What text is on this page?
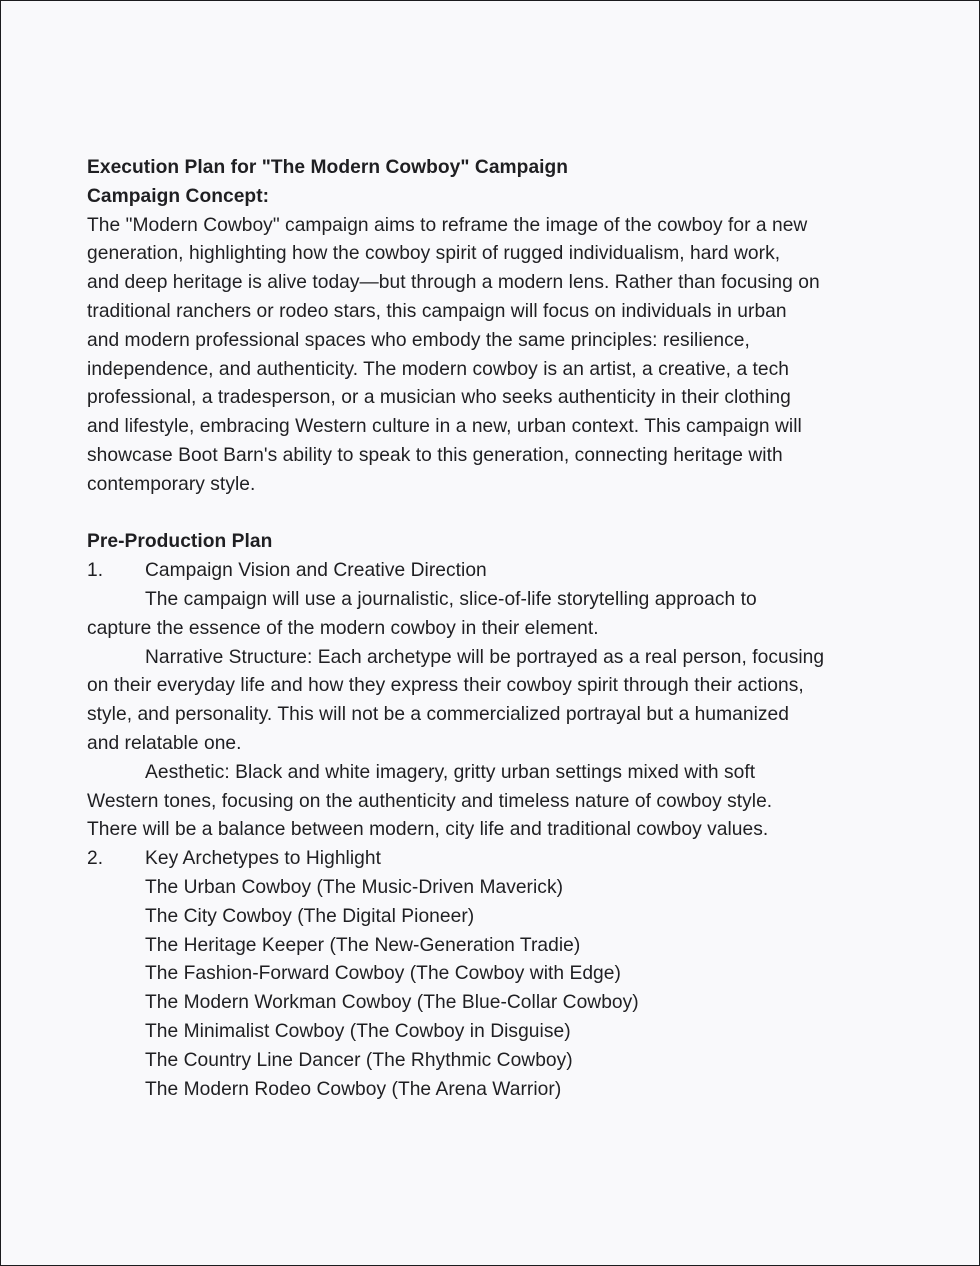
Execution Plan for "The Modern Cowboy" Campaign
Campaign Concept:
The "Modern Cowboy" campaign aims to reframe the image of the cowboy for a new
generation, highlighting how the cowboy spirit of rugged individualism, hard work,
and deep heritage is alive today—but through a modern lens. Rather than focusing on
traditional ranchers or rodeo stars, this campaign will focus on individuals in urban
and modern professional spaces who embody the same principles: resilience,
independence, and authenticity. The modern cowboy is an artist, a creative, a tech
professional, a tradesperson, or a musician who seeks authenticity in their clothing
and lifestyle, embracing Western culture in a new, urban context. This campaign will
showcase Boot Barn's ability to speak to this generation, connecting heritage with
contemporary style.
Pre-Production Plan
1. Campaign Vision and Creative Direction
The campaign will use a journalistic, slice-of-life storytelling approach to
capture the essence of the modern cowboy in their element.
Narrative Structure: Each archetype will be portrayed as a real person, focusing
on their everyday life and how they express their cowboy spirit through their actions,
style, and personality. This will not be a commercialized portrayal but a humanized
and relatable one.
Aesthetic: Black and white imagery, gritty urban settings mixed with soft
Western tones, focusing on the authenticity and timeless nature of cowboy style.
There will be a balance between modern, city life and traditional cowboy values.
2. Key Archetypes to Highlight
The Urban Cowboy (The Music-Driven Maverick)
The City Cowboy (The Digital Pioneer)
The Heritage Keeper (The New-Generation Tradie)
The Fashion-Forward Cowboy (The Cowboy with Edge)
The Modern Workman Cowboy (The Blue-Collar Cowboy)
The Minimalist Cowboy (The Cowboy in Disguise)
The Country Line Dancer (The Rhythmic Cowboy)
The Modern Rodeo Cowboy (The Arena Warrior)
